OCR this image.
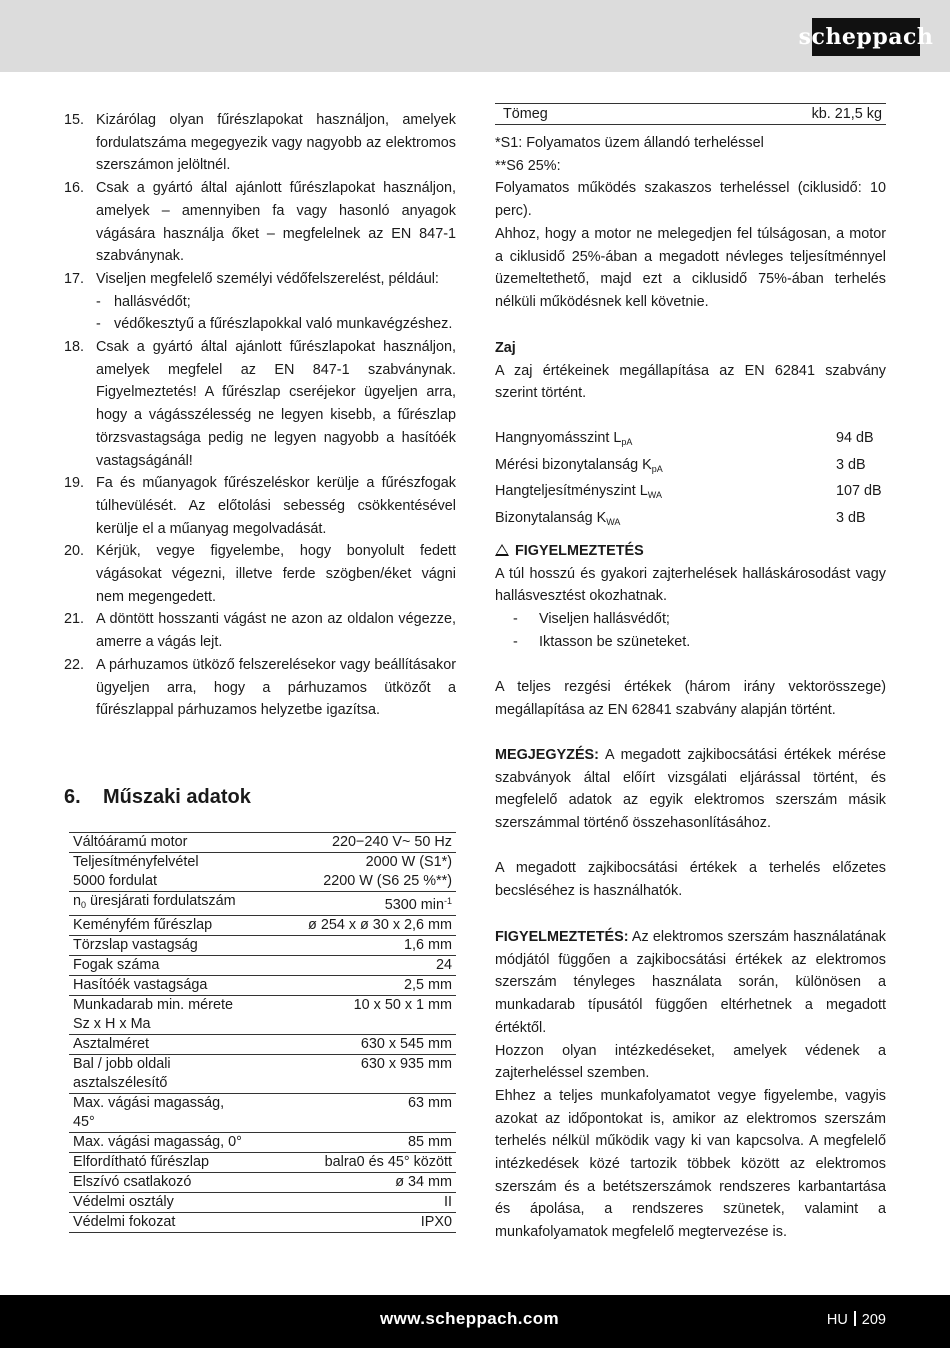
scheppach
15. Kizárólag olyan fűrészlapokat használjon, amelyek fordulatszáma megegyezik vagy nagyobb az elektromos szerszámon jelöltnél.
16. Csak a gyártó által ajánlott fűrészlapokat használjon, amelyek – amennyiben fa vagy hasonló anyagok vágására használja őket – megfelelnek az EN 847-1 szabványnak.
17. Viseljen megfelelő személyi védőfelszerelést, például:
- hallásvédőt;
- védőkesztyű a fűrészlapokkal való munkavégzéshez.
18. Csak a gyártó által ajánlott fűrészlapokat használjon, amelyek megfelel az EN 847-1 szabványnak. Figyelmeztetés! A fűrészlap cseréjekor ügyeljen arra, hogy a vágásszélesség ne legyen kisebb, a fűrészlap törzsvastagsága pedig ne legyen nagyobb a hasítóék vastagságánál!
19. Fa és műanyagok fűrészeléskor kerülje a fűrészfogak túlhevülését. Az előtolási sebesség csökkentésével kerülje el a műanyag megolvadását.
20. Kérjük, vegye figyelembe, hogy bonyolult fedett vágásokat végezni, illetve ferde szögben/éket vágni nem megengedett.
21. A döntött hosszanti vágást ne azon az oldalon végezze, amerre a vágás lejt.
22. A párhuzamos ütköző felszerelésekor vagy beállításakor ügyeljen arra, hogy a párhuzamos ütközőt a fűrészlappal párhuzamos helyzetbe igazítsa.
6. Műszaki adatok
Váltóáramú motor	220−240 V~ 50 Hz
Teljesítményfelvétel
5000 fordulat	2000 W (S1*)
2200 W (S6 25 %**)
$n_0$ üresjárati fordulatszám	5300 $\min^{-1}$
Keményfém fűrészlap	ø 254 x ø 30 x 2,6 mm
Törzslap vastagság	1,6 mm
Fogak száma	24
Hasítóék vastagsága	2,5 mm
Munkadarab min. mérete
Sz x H x Ma	10 x 50 x 1 mm
Asztalméret	630 x 545 mm
Bal / jobb oldali
asztalszélesítő	630 x 935 mm
Max. vágási magasság,
45°	63 mm
Max. vágási magasság, 0°	85 mm
Elfordítható fűrészlap	balra0 és 45° között
Elszívó csatlakozó	ø 34 mm
Védelmi osztály	II
Védelmi fokozat	IPX0
Tömeg	kb. 21,5 kg
*S1: Folyamatos üzem állandó terheléssel
**S6 25%:
Folyamatos működés szakaszos terheléssel (ciklusidő: 10 perc).
Ahhoz, hogy a motor ne melegedjen fel túlságosan, a motor a ciklusidő 25%-ában a megadott névleges teljesítménnyel üzemeltethető, majd ezt a ciklusidő 75%-ában terhelés nélküli működésnek kell követnie.
Zaj
A zaj értékeinek megállapítása az EN 62841 szabvány szerint történt.
Hangnyomásszint $L_{pA}$	94 dB
Mérési bizonytalanság $K_{pA}$	3 dB
Hangteljesítményszint $L_{WA}$	107 dB
Bizonytalanság $K_{WA}$	3 dB
FIGYELMEZTETÉS
A túl hosszú és gyakori zajterhelések halláskárosodást vagy hallásvesztést okozhatnak.
-	Viseljen hallásvédőt;
-	Iktasson be szüneteket.
A teljes rezgési értékek (három irány vektorösszege) megállapítása az EN 62841 szabvány alapján történt.
MEGJEGYZÉS: A megadott zajkibocsátási értékek mérése szabványok által előírt vizsgálati eljárással történt, és megfelelő adatok az egyik elektromos szerszám másik szerszámmal történő összehasonlításához.
A megadott zajkibocsátási értékek a terhelés előzetes becsléséhez is használhatók.
FIGYELMEZTETÉS: Az elektromos szerszám használatának módjától függően a zajkibocsátási értékek az elektromos szerszám tényleges használata során, különösen a munkadarab típusától függően eltérhetnek a megadott értéktől.
Hozzon olyan intézkedéseket, amelyek védenek a zajterheléssel szemben.
Ehhez a teljes munkafolyamatot vegye figyelembe, vagyis azokat az időpontokat is, amikor az elektromos szerszám terhelés nélkül működik vagy ki van kapcsolva. A megfelelő intézkedések közé tartozik többek között az elektromos szerszám és a betétszerszámok rendszeres karbantartása és ápolása, a rendszeres szünetek, valamint a munkafolyamatok megfelelő megtervezése is.
www.scheppach.com	HU 209
